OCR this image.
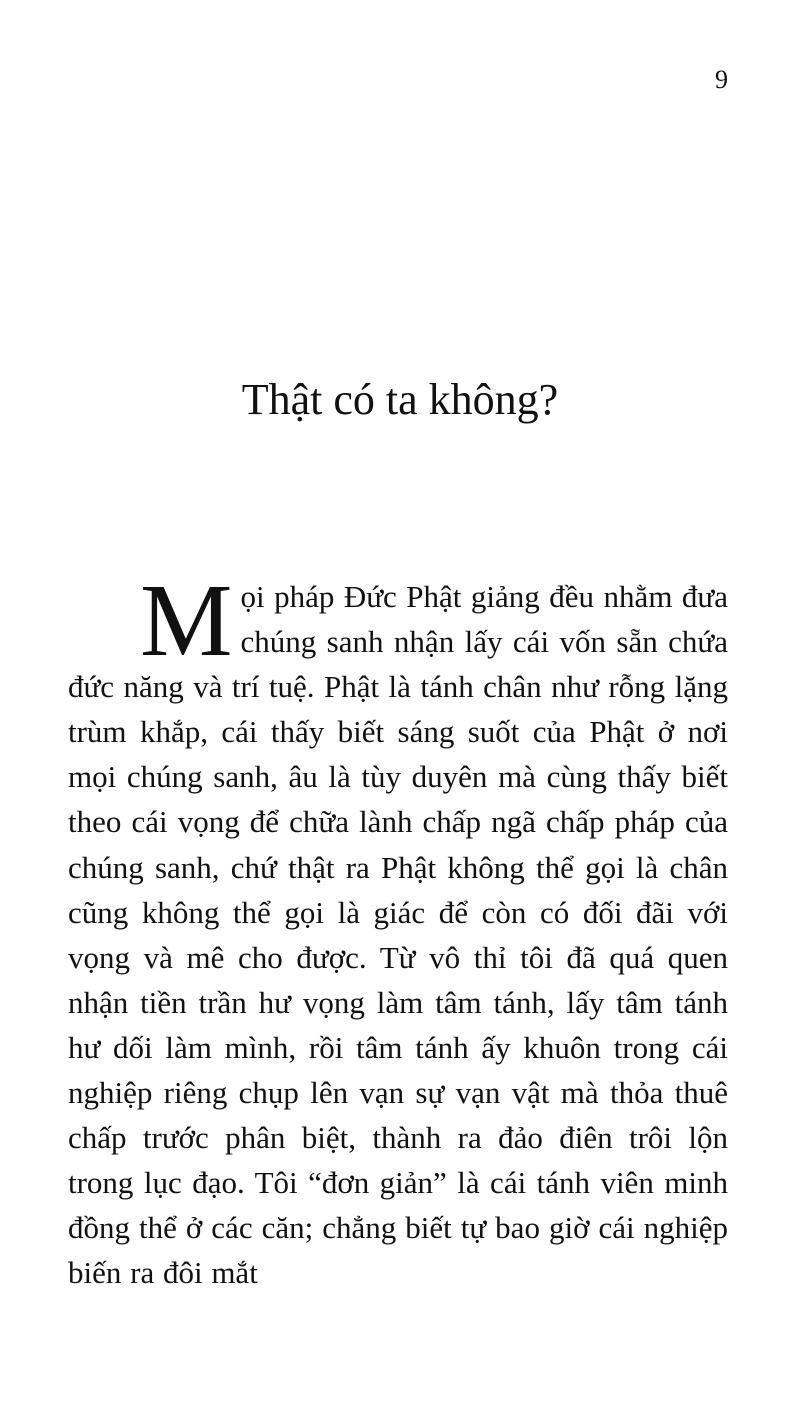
9
Thật có ta không?

Mọi pháp Đức Phật giảng đều nhằm đưa chúng sanh nhận lấy cái vốn sẵn chứa đức năng và trí tuệ. Phật là tánh chân như rỗng lặng trùm khắp, cái thấy biết sáng suốt của Phật ở nơi mọi chúng sanh, âu là tùy duyên mà cùng thấy biết theo cái vọng để chữa lành chấp ngã chấp pháp của chúng sanh, chứ thật ra Phật không thể gọi là chân cũng không thể gọi là giác để còn có đối đãi với vọng và mê cho được. Từ vô thỉ tôi đã quá quen nhận tiền trần hư vọng làm tâm tánh, lấy tâm tánh hư dối làm mình, rồi tâm tánh ấy khuôn trong cái nghiệp riêng chụp lên vạn sự vạn vật mà thỏa thuê chấp trước phân biệt, thành ra đảo điên trôi lộn trong lục đạo. Tôi “đơn giản” là cái tánh viên minh đồng thể ở các căn; chẳng biết tự bao giờ cái nghiệp biến ra đôi mắt
